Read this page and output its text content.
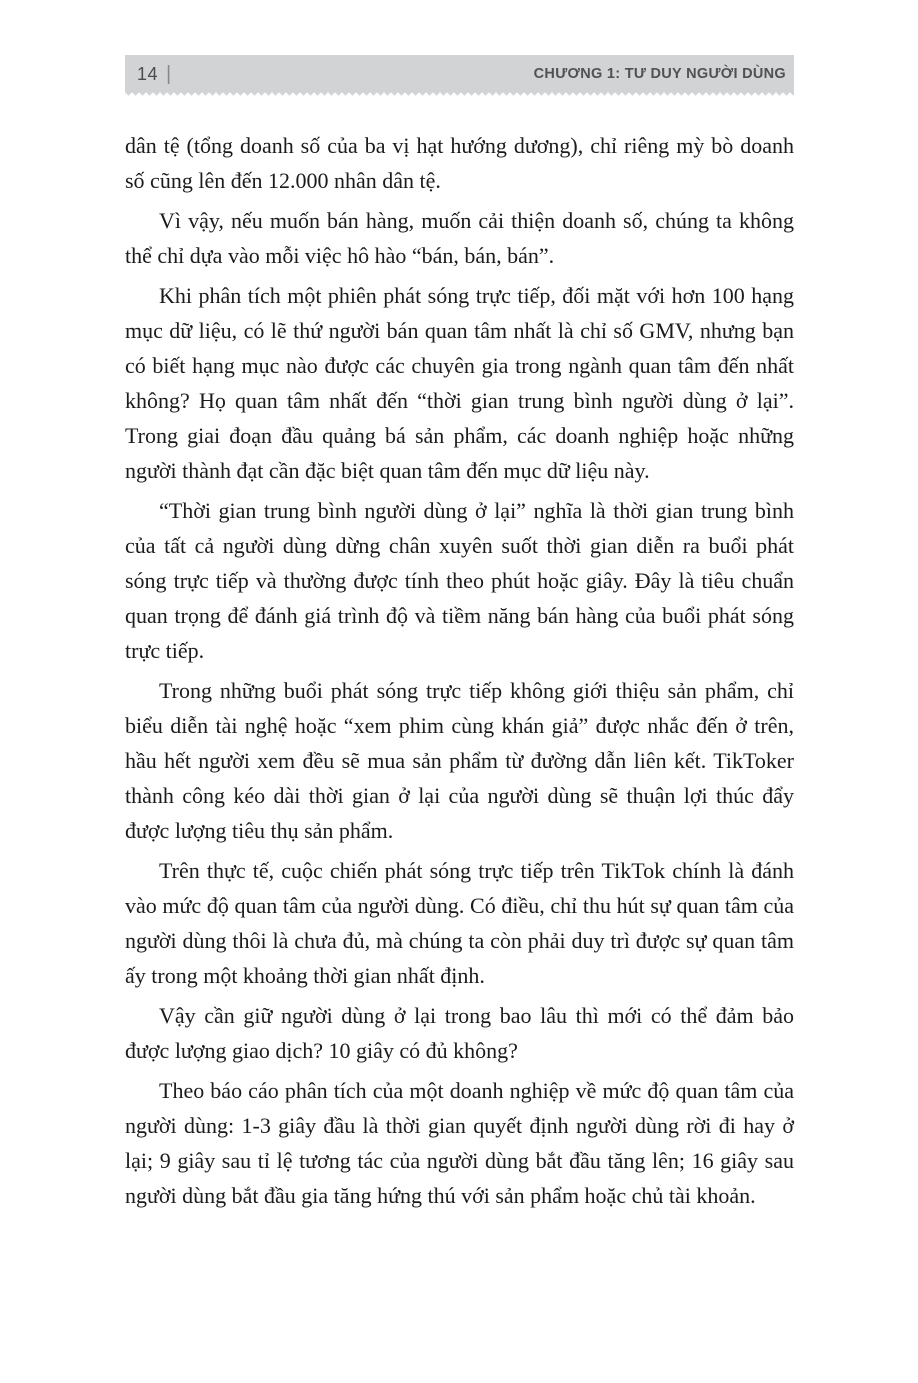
14 |	CHƯƠNG 1: TƯ DUY NGƯỜI DÙNG

dân tệ (tổng doanh số của ba vị hạt hướng dương), chỉ riêng mỳ bò doanh số cũng lên đến 12.000 nhân dân tệ.

Vì vậy, nếu muốn bán hàng, muốn cải thiện doanh số, chúng ta không thể chỉ dựa vào mỗi việc hô hào “bán, bán, bán”.

Khi phân tích một phiên phát sóng trực tiếp, đối mặt với hơn 100 hạng mục dữ liệu, có lẽ thứ người bán quan tâm nhất là chỉ số GMV, nhưng bạn có biết hạng mục nào được các chuyên gia trong ngành quan tâm đến nhất không? Họ quan tâm nhất đến “thời gian trung bình người dùng ở lại”. Trong giai đoạn đầu quảng bá sản phẩm, các doanh nghiệp hoặc những người thành đạt cần đặc biệt quan tâm đến mục dữ liệu này.

“Thời gian trung bình người dùng ở lại” nghĩa là thời gian trung bình của tất cả người dùng dừng chân xuyên suốt thời gian diễn ra buổi phát sóng trực tiếp và thường được tính theo phút hoặc giây. Đây là tiêu chuẩn quan trọng để đánh giá trình độ và tiềm năng bán hàng của buổi phát sóng trực tiếp.

Trong những buổi phát sóng trực tiếp không giới thiệu sản phẩm, chỉ biểu diễn tài nghệ hoặc “xem phim cùng khán giả” được nhắc đến ở trên, hầu hết người xem đều sẽ mua sản phẩm từ đường dẫn liên kết. TikToker thành công kéo dài thời gian ở lại của người dùng sẽ thuận lợi thúc đẩy được lượng tiêu thụ sản phẩm.

Trên thực tế, cuộc chiến phát sóng trực tiếp trên TikTok chính là đánh vào mức độ quan tâm của người dùng. Có điều, chỉ thu hút sự quan tâm của người dùng thôi là chưa đủ, mà chúng ta còn phải duy trì được sự quan tâm ấy trong một khoảng thời gian nhất định.

Vậy cần giữ người dùng ở lại trong bao lâu thì mới có thể đảm bảo được lượng giao dịch? 10 giây có đủ không?

Theo báo cáo phân tích của một doanh nghiệp về mức độ quan tâm của người dùng: 1-3 giây đầu là thời gian quyết định người dùng rời đi hay ở lại; 9 giây sau tỉ lệ tương tác của người dùng bắt đầu tăng lên; 16 giây sau người dùng bắt đầu gia tăng hứng thú với sản phẩm hoặc chủ tài khoản.
